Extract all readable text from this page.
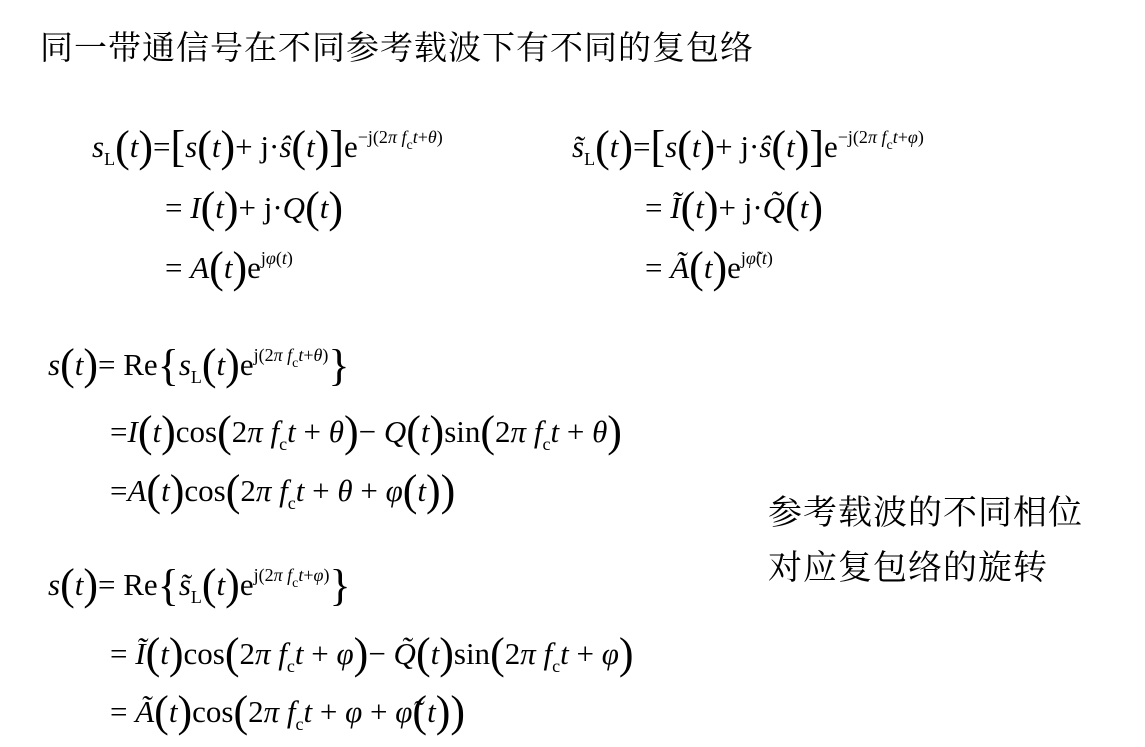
同一带通信号在不同参考载波下有不同的复包络
$s_L(t)=[s(t)+$ $j\cdot ŝ(t)]e^{-j(2\pi f_ct+\theta)}$
= I(t)+ j·Q(t)
= $A(t)e^{j\varphi(t)}$
$s̃_L(t)=[s(t)+$ $j\cdot ŝ(t)]e^{-j(2\pi f_ct+\varphi)}$
= Ĩ(t)+ j·Q̃(t)
= $Ã(t)e^{j\varphĩ(t)}$
$s(t)= Re\{s_L(t)e^{j(2\pi f_ct+\theta)}\}$
=I(t)cos(2π $f_ct + \theta)- Q(t)\sin(2\pi$ $f_ct + \theta$)
=A(t)cos(2π $f_ct + \theta + \varphi(t)$)
$s(t)= Re\{s̃_L(t)e^{j(2\pi f_ct+\varphi)}\}$
= Ĩ(t)cos(2π $f_ct + \varphi)-$ Q̃(t)sin(2π $f_ct + \varphi$)
= Ã(t)cos(2π $f_ct + \varphi$ + φ̃(t))
参考载波的不同相位
对应复包络的旋转
